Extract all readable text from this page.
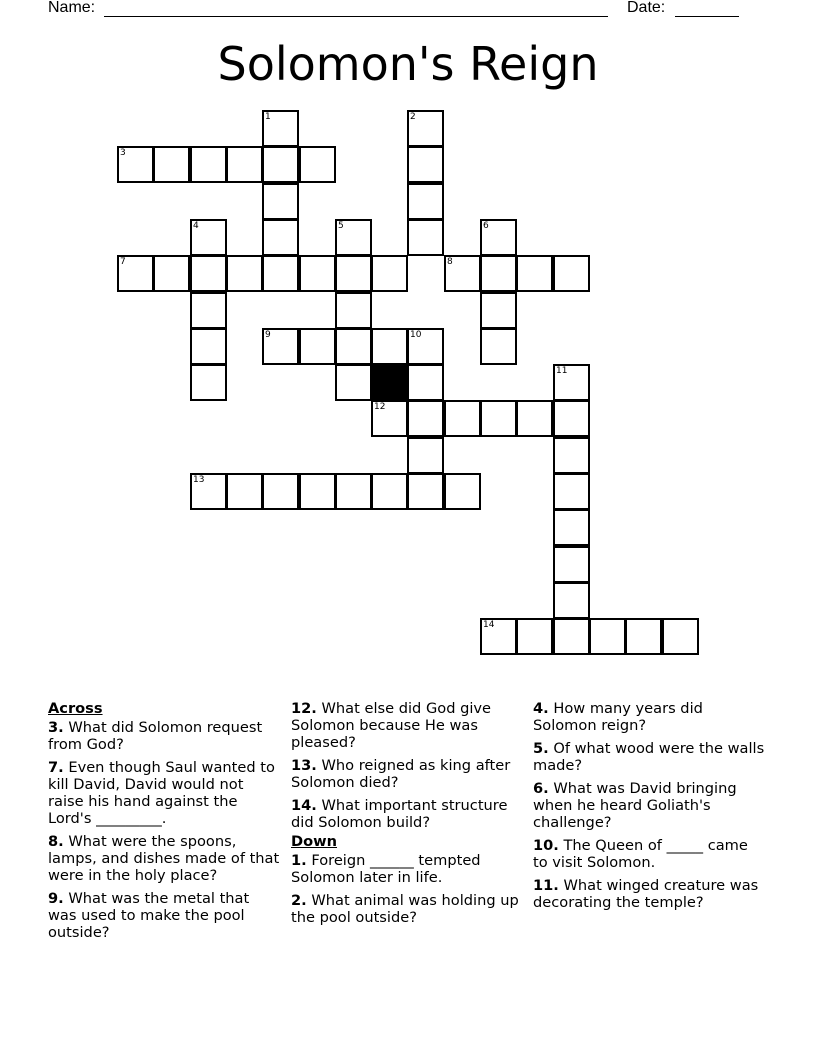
Name:	Date:
Solomon's Reign
1	2
3
4	5	6
7	8
9	10
11
12
13
14
Across
3. What did Solomon request from God?
7. Even though Saul wanted to kill David, David would not raise his hand against the Lord's _________.
8. What were the spoons, lamps, and dishes made of that were in the holy place?
9. What was the metal that was used to make the pool outside?
12. What else did God give Solomon because He was pleased?
13. Who reigned as king after Solomon died?
14. What important structure did Solomon build?
Down
1. Foreign ______ tempted Solomon later in life.
2. What animal was holding up the pool outside?
4. How many years did Solomon reign?
5. Of what wood were the walls made?
6. What was David bringing when he heard Goliath's challenge?
10. The Queen of _____ came to visit Solomon.
11. What winged creature was decorating the temple?
